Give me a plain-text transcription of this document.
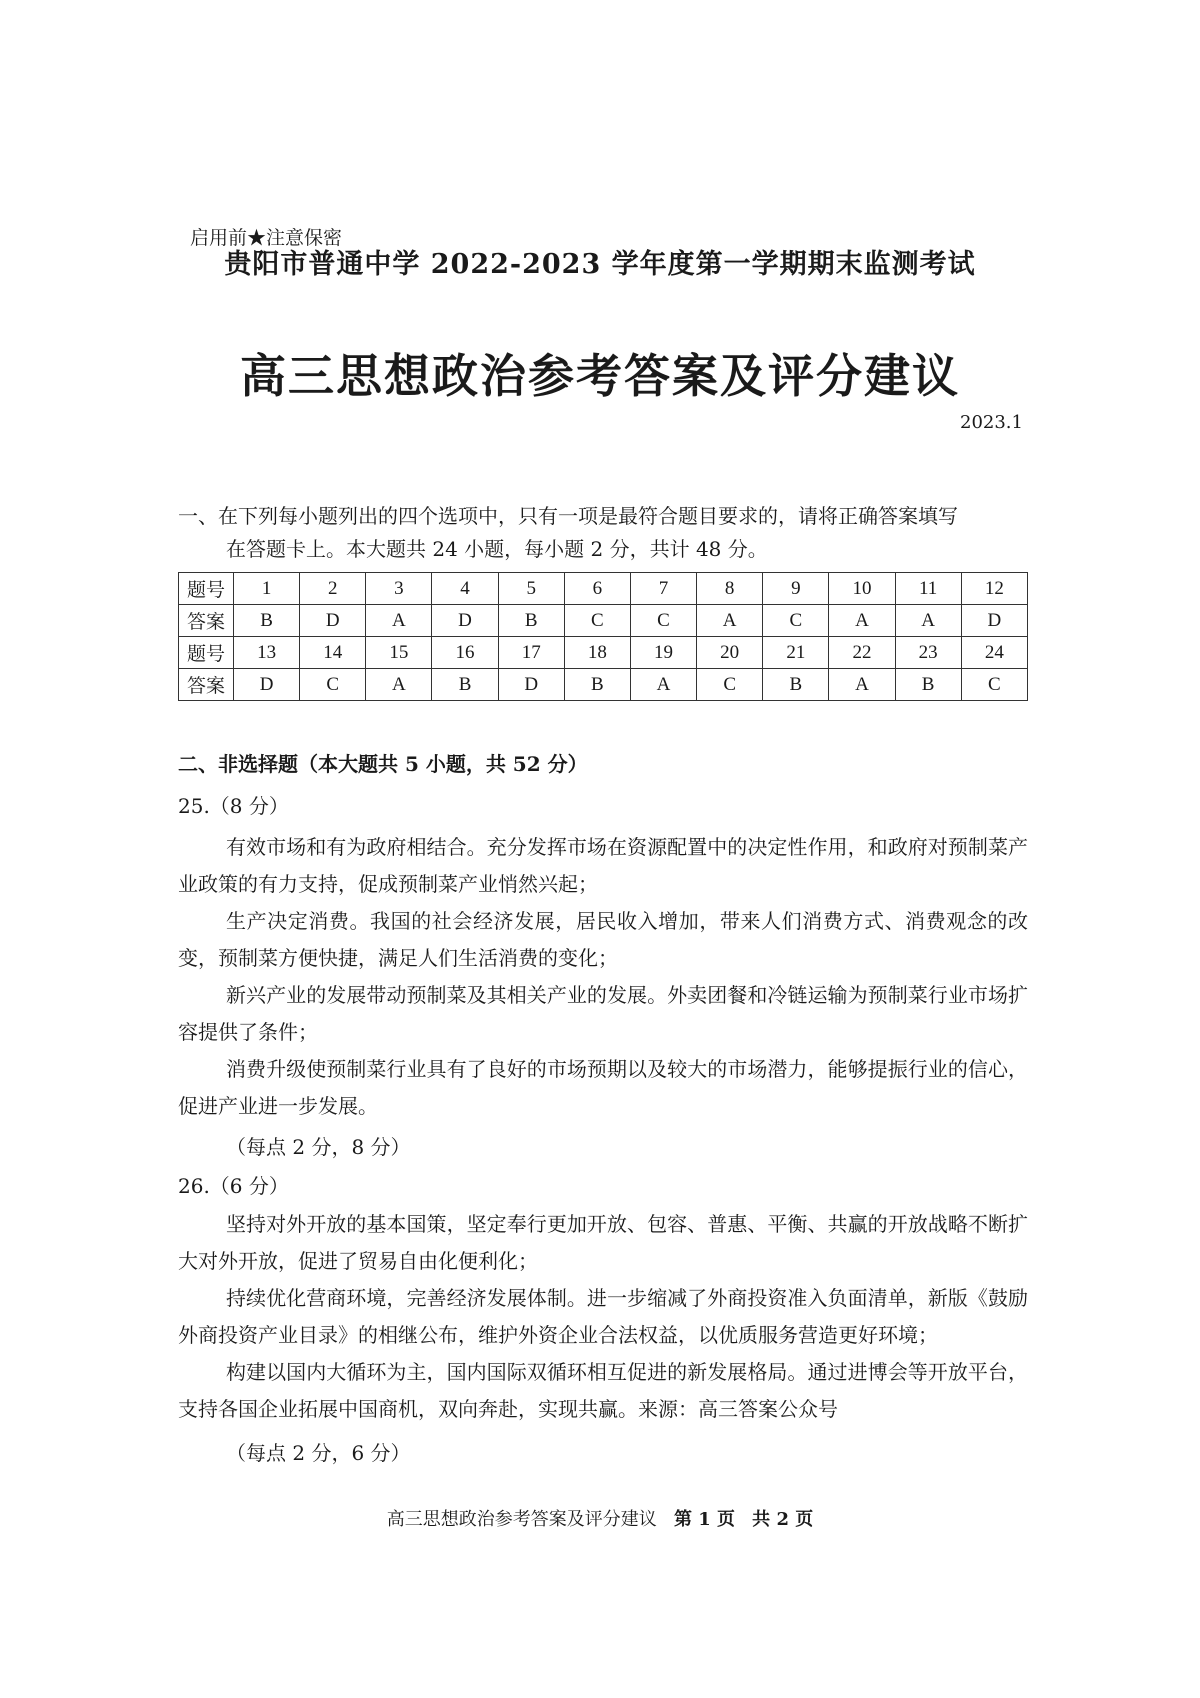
启用前★注意保密
贵阳市普通中学 2022-2023 学年度第一学期期末监测考试
高三思想政治参考答案及评分建议
2023.1
一、在下列每小题列出的四个选项中，只有一项是最符合题目要求的，请将正确答案填写
在答题卡上。本大题共 24 小题，每小题 2 分，共计 48 分。
题号	1	2	3	4	5	6	7	8	9	10	11	12
答案	B	D	A	D	B	C	C	A	C	A	A	D
题号	13	14	15	16	17	18	19	20	21	22	23	24
答案	D	C	A	B	D	B	A	C	B	A	B	C
二、非选择题（本大题共 5 小题，共 52 分）
25.（8 分）
有效市场和有为政府相结合。充分发挥市场在资源配置中的决定性作用，和政府对预制菜产业政策的有力支持，促成预制菜产业悄然兴起；
生产决定消费。我国的社会经济发展，居民收入增加，带来人们消费方式、消费观念的改变，预制菜方便快捷，满足人们生活消费的变化；
新兴产业的发展带动预制菜及其相关产业的发展。外卖团餐和冷链运输为预制菜行业市场扩容提供了条件；
消费升级使预制菜行业具有了良好的市场预期以及较大的市场潜力，能够提振行业的信心，促进产业进一步发展。
（每点 2 分，8 分）
26.（6 分）
坚持对外开放的基本国策，坚定奉行更加开放、包容、普惠、平衡、共赢的开放战略不断扩大对外开放，促进了贸易自由化便利化；
持续优化营商环境，完善经济发展体制。进一步缩减了外商投资准入负面清单，新版《鼓励外商投资产业目录》的相继公布，维护外资企业合法权益，以优质服务营造更好环境；
构建以国内大循环为主，国内国际双循环相互促进的新发展格局。通过进博会等开放平台，支持各国企业拓展中国商机，双向奔赴，实现共赢。来源：高三答案公众号
（每点 2 分，6 分）
高三思想政治参考答案及评分建议 第 1 页 共 2 页
